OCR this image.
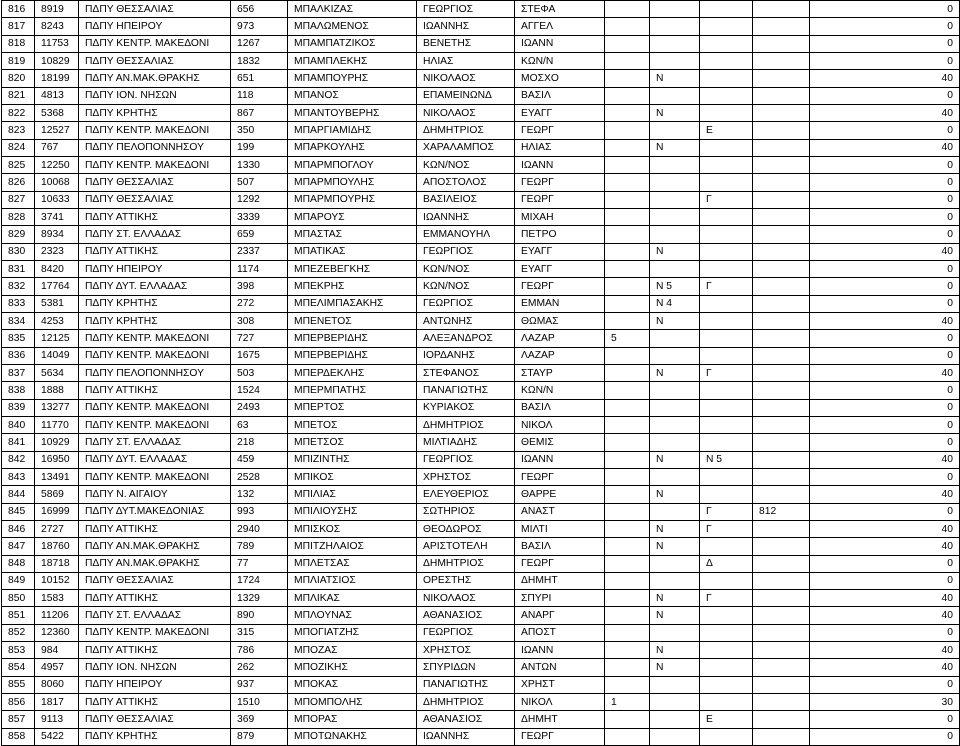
816	8919	ΠΔΠΥ ΘΕΣΣΑΛΙΑΣ	656	ΜΠΑΛΚΙΖΑΣ	ΓΕΩΡΓΙΟΣ	ΣΤΕΦΑ					0
817	8243	ΠΔΠΥ ΗΠΕΙΡΟΥ	973	ΜΠΑΛΩΜΕΝΟΣ	ΙΩΑΝΝΗΣ	ΑΓΓΕΛ					0
818	11753	ΠΔΠΥ ΚΕΝΤΡ. ΜΑΚΕΔΟΝΙ	1267	ΜΠΑΜΠΑΤΖΙΚΟΣ	ΒΕΝΕΤΗΣ	ΙΩΑΝΝ					0
819	10829	ΠΔΠΥ ΘΕΣΣΑΛΙΑΣ	1832	ΜΠΑΜΠΛΕΚΗΣ	ΗΛΙΑΣ	ΚΩΝ/Ν					0
820	18199	ΠΔΠΥ ΑΝ.ΜΑΚ.ΘΡΑΚΗΣ	651	ΜΠΑΜΠΟΥΡΗΣ	ΝΙΚΟΛΑΟΣ	ΜΟΣΧΟ		Ν			40
821	4813	ΠΔΠΥ ΙΟΝ. ΝΗΣΩΝ	118	ΜΠΑΝΟΣ	ΕΠΑΜΕΙΝΩΝΔ	ΒΑΣΙΛ					0
822	5368	ΠΔΠΥ ΚΡΗΤΗΣ	867	ΜΠΑΝΤΟΥΒΕΡΗΣ	ΝΙΚΟΛΑΟΣ	ΕΥΑΓΓ		Ν			40
823	12527	ΠΔΠΥ ΚΕΝΤΡ. ΜΑΚΕΔΟΝΙ	350	ΜΠΑΡΓΙΑΜΙΔΗΣ	ΔΗΜΗΤΡΙΟΣ	ΓΕΩΡΓ			Ε		0
824	767	ΠΔΠΥ ΠΕΛΟΠΟΝΝΗΣΟΥ	199	ΜΠΑΡΚΟΥΛΗΣ	ΧΑΡΑΛΑΜΠΟΣ	ΗΛΙΑΣ		Ν			40
825	12250	ΠΔΠΥ ΚΕΝΤΡ. ΜΑΚΕΔΟΝΙ	1330	ΜΠΑΡΜΠΟΓΛΟΥ	ΚΩΝ/ΝΟΣ	ΙΩΑΝΝ					0
826	10068	ΠΔΠΥ ΘΕΣΣΑΛΙΑΣ	507	ΜΠΑΡΜΠΟΥΛΗΣ	ΑΠΟΣΤΟΛΟΣ	ΓΕΩΡΓ					0
827	10633	ΠΔΠΥ ΘΕΣΣΑΛΙΑΣ	1292	ΜΠΑΡΜΠΟΥΡΗΣ	ΒΑΣΙΛΕΙΟΣ	ΓΕΩΡΓ			Γ		0
828	3741	ΠΔΠΥ ΑΤΤΙΚΗΣ	3339	ΜΠΑΡΟΥΣ	ΙΩΑΝΝΗΣ	ΜΙΧΑΗ					0
829	8934	ΠΔΠΥ ΣΤ. ΕΛΛΑΔΑΣ	659	ΜΠΑΣΤΑΣ	ΕΜΜΑΝΟΥΗΛ	ΠΕΤΡΟ					0
830	2323	ΠΔΠΥ ΑΤΤΙΚΗΣ	2337	ΜΠΑΤΙΚΑΣ	ΓΕΩΡΓΙΟΣ	ΕΥΑΓΓ		Ν			40
831	8420	ΠΔΠΥ ΗΠΕΙΡΟΥ	1174	ΜΠΕΖΕΒΕΓΚΗΣ	ΚΩΝ/ΝΟΣ	ΕΥΑΓΓ					0
832	17764	ΠΔΠΥ ΔΥΤ. ΕΛΛΑΔΑΣ	398	ΜΠΕΚΡΗΣ	ΚΩΝ/ΝΟΣ	ΓΕΩΡΓ		Ν 5	Γ		0
833	5381	ΠΔΠΥ ΚΡΗΤΗΣ	272	ΜΠΕΛΙΜΠΑΣΑΚΗΣ	ΓΕΩΡΓΙΟΣ	ΕΜΜΑΝ		Ν 4			0
834	4253	ΠΔΠΥ ΚΡΗΤΗΣ	308	ΜΠΕΝΕΤΟΣ	ΑΝΤΩΝΗΣ	ΘΩΜΑΣ		Ν			40
835	12125	ΠΔΠΥ ΚΕΝΤΡ. ΜΑΚΕΔΟΝΙ	727	ΜΠΕΡΒΕΡΙΔΗΣ	ΑΛΕΞΑΝΔΡΟΣ	ΛΑΖΑΡ	5				0
836	14049	ΠΔΠΥ ΚΕΝΤΡ. ΜΑΚΕΔΟΝΙ	1675	ΜΠΕΡΒΕΡΙΔΗΣ	ΙΟΡΔΑΝΗΣ	ΛΑΖΑΡ					0
837	5634	ΠΔΠΥ ΠΕΛΟΠΟΝΝΗΣΟΥ	503	ΜΠΕΡΔΕΚΛΗΣ	ΣΤΕΦΑΝΟΣ	ΣΤΑΥΡ		Ν	Γ		40
838	1888	ΠΔΠΥ ΑΤΤΙΚΗΣ	1524	ΜΠΕΡΜΠΑΤΗΣ	ΠΑΝΑΓΙΩΤΗΣ	ΚΩΝ/Ν					0
839	13277	ΠΔΠΥ ΚΕΝΤΡ. ΜΑΚΕΔΟΝΙ	2493	ΜΠΕΡΤΟΣ	ΚΥΡΙΑΚΟΣ	ΒΑΣΙΛ					0
840	11770	ΠΔΠΥ ΚΕΝΤΡ. ΜΑΚΕΔΟΝΙ	63	ΜΠΕΤΟΣ	ΔΗΜΗΤΡΙΟΣ	ΝΙΚΟΛ					0
841	10929	ΠΔΠΥ ΣΤ. ΕΛΛΑΔΑΣ	218	ΜΠΕΤΣΟΣ	ΜΙΛΤΙΑΔΗΣ	ΘΕΜΙΣ					0
842	16950	ΠΔΠΥ ΔΥΤ. ΕΛΛΑΔΑΣ	459	ΜΠΙΖΙΝΤΗΣ	ΓΕΩΡΓΙΟΣ	ΙΩΑΝΝ		Ν	Ν 5		40
843	13491	ΠΔΠΥ ΚΕΝΤΡ. ΜΑΚΕΔΟΝΙ	2528	ΜΠΙΚΟΣ	ΧΡΗΣΤΟΣ	ΓΕΩΡΓ					0
844	5869	ΠΔΠΥ Ν. ΑΙΓΑΙΟΥ	132	ΜΠΙΛΙΑΣ	ΕΛΕΥΘΕΡΙΟΣ	ΘΑΡΡΕ		Ν			40
845	16999	ΠΔΠΥ ΔΥΤ.ΜΑΚΕΔΟΝΙΑΣ	993	ΜΠΙΛΙΟΥΣΗΣ	ΣΩΤΗΡΙΟΣ	ΑΝΑΣΤ			Γ	812	0
846	2727	ΠΔΠΥ ΑΤΤΙΚΗΣ	2940	ΜΠΙΣΚΟΣ	ΘΕΟΔΩΡΟΣ	ΜΙΛΤΙ		Ν	Γ		40
847	18760	ΠΔΠΥ ΑΝ.ΜΑΚ.ΘΡΑΚΗΣ	789	ΜΠΙΤΖΗΛΑΙΟΣ	ΑΡΙΣΤΟΤΕΛΗ	ΒΑΣΙΛ		Ν			40
848	18718	ΠΔΠΥ ΑΝ.ΜΑΚ.ΘΡΑΚΗΣ	77	ΜΠΛΕΤΣΑΣ	ΔΗΜΗΤΡΙΟΣ	ΓΕΩΡΓ			Δ		0
849	10152	ΠΔΠΥ ΘΕΣΣΑΛΙΑΣ	1724	ΜΠΛΙΑΤΣΙΟΣ	ΟΡΕΣΤΗΣ	ΔΗΜΗΤ					0
850	1583	ΠΔΠΥ ΑΤΤΙΚΗΣ	1329	ΜΠΛΙΚΑΣ	ΝΙΚΟΛΑΟΣ	ΣΠΥΡΙ		Ν	Γ		40
851	11206	ΠΔΠΥ ΣΤ. ΕΛΛΑΔΑΣ	890	ΜΠΛΟΥΝΑΣ	ΑΘΑΝΑΣΙΟΣ	ΑΝΑΡΓ		Ν			40
852	12360	ΠΔΠΥ ΚΕΝΤΡ. ΜΑΚΕΔΟΝΙ	315	ΜΠΟΓΙΑΤΖΗΣ	ΓΕΩΡΓΙΟΣ	ΑΠΟΣΤ					0
853	984	ΠΔΠΥ ΑΤΤΙΚΗΣ	786	ΜΠΟΖΑΣ	ΧΡΗΣΤΟΣ	ΙΩΑΝΝ		Ν			40
854	4957	ΠΔΠΥ ΙΟΝ. ΝΗΣΩΝ	262	ΜΠΟΖΙΚΗΣ	ΣΠΥΡΙΔΩΝ	ΑΝΤΩΝ		Ν			40
855	8060	ΠΔΠΥ ΗΠΕΙΡΟΥ	937	ΜΠΟΚΑΣ	ΠΑΝΑΓΙΩΤΗΣ	ΧΡΗΣΤ					0
856	1817	ΠΔΠΥ ΑΤΤΙΚΗΣ	1510	ΜΠΟΜΠΟΛΗΣ	ΔΗΜΗΤΡΙΟΣ	ΝΙΚΟΛ	1				30
857	9113	ΠΔΠΥ ΘΕΣΣΑΛΙΑΣ	369	ΜΠΟΡΑΣ	ΑΘΑΝΑΣΙΟΣ	ΔΗΜΗΤ			Ε		0
858	5422	ΠΔΠΥ ΚΡΗΤΗΣ	879	ΜΠΟΤΩΝΑΚΗΣ	ΙΩΑΝΝΗΣ	ΓΕΩΡΓ					0
